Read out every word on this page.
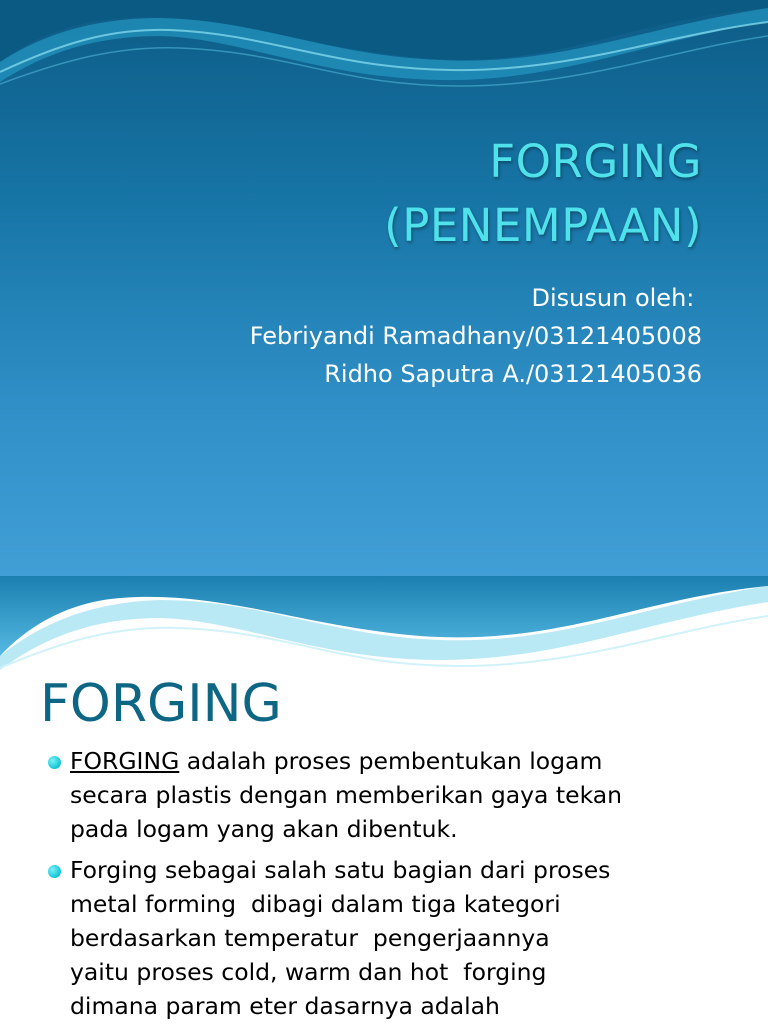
FORGING
(PENEMPAAN)
Disusun oleh:
Febriyandi Ramadhany/03121405008
Ridho Saputra A./03121405036
FORGING
FORGING adalah proses pembentukan logam
secara plastis dengan memberikan gaya tekan
pada logam yang akan dibentuk.
Forging sebagai salah satu bagian dari proses
metal forming  dibagi dalam tiga kategori
berdasarkan temperatur  pengerjaannya
yaitu proses cold, warm dan hot  forging
dimana param eter dasarnya adalah
